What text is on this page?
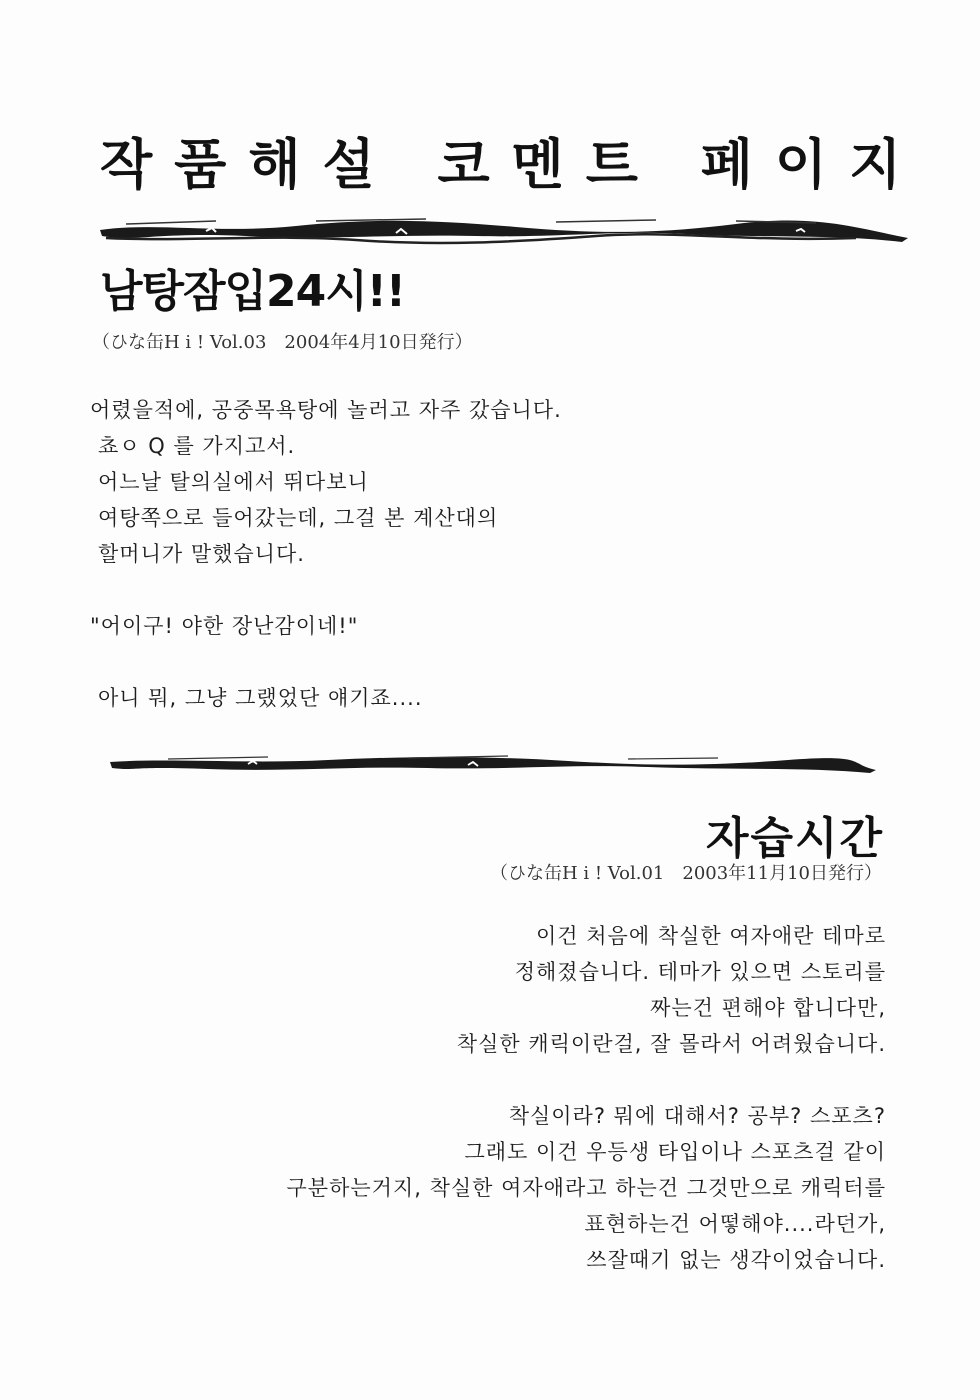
작품해설 코멘트 페이지
남탕잠입24시!!
（ひな缶H i ! Vol.03　2004年4月10日発行）
어렸을적에, 공중목욕탕에 놀러고 자주 갔습니다.
쵸ㅇ Q 를 가지고서.
어느날 탈의실에서 뛰다보니
여탕쪽으로 들어갔는데, 그걸 본 계산대의
할머니가 말했습니다.
"어이구! 야한 장난감이네!"
아니 뭐, 그냥 그랬었단 얘기죠....
자습시간
（ひな缶H i ! Vol.01　2003年11月10日発行）
이건 처음에 착실한 여자애란 테마로
정해졌습니다. 테마가 있으면 스토리를
짜는건 편해야 합니다만,
착실한 캐릭이란걸, 잘 몰라서 어려웠습니다.
착실이라? 뭐에 대해서? 공부? 스포츠?
그래도 이건 우등생 타입이나 스포츠걸 같이
구분하는거지, 착실한 여자애라고 하는건 그것만으로 캐릭터를
표현하는건 어떻해야....라던가,
쓰잘때기 없는 생각이었습니다.
